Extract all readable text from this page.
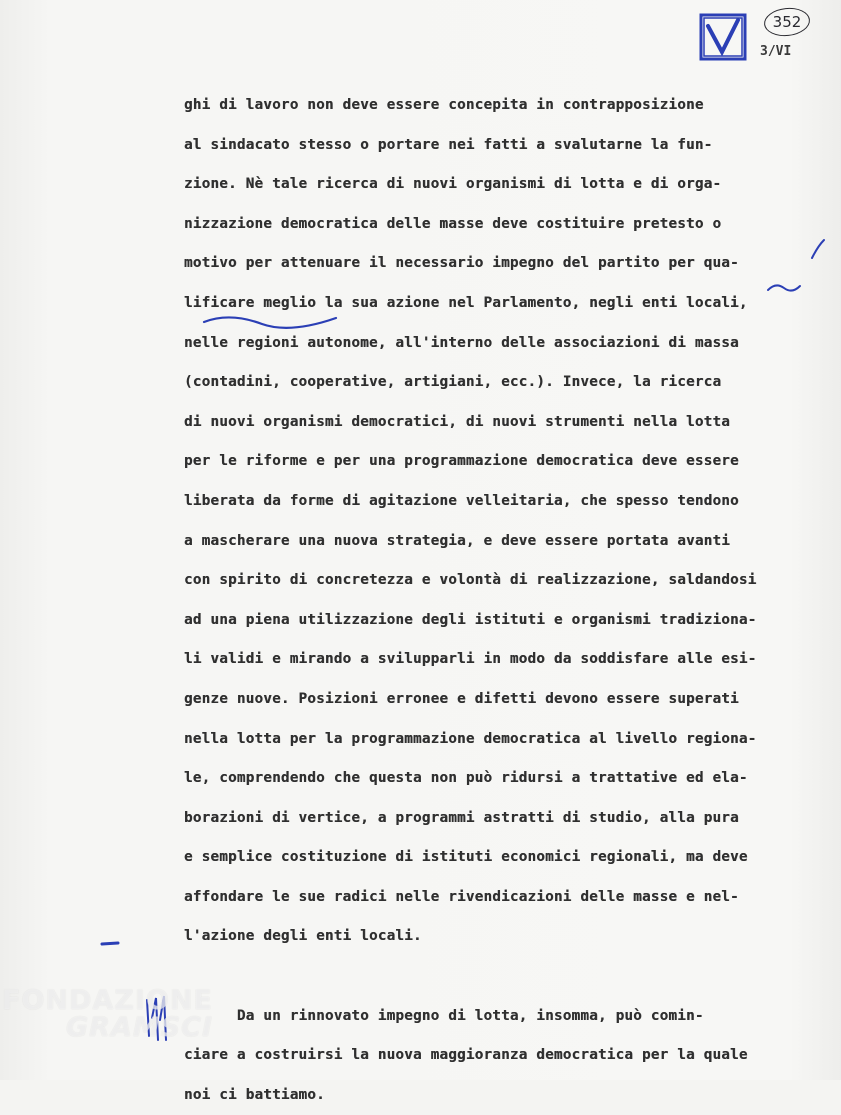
352
3/VI
ghi di lavoro non deve essere concepita in contrapposizione
al sindacato stesso o portare nei fatti a svalutarne la fun-
zione. Nè tale ricerca di nuovi organismi di lotta e di orga-
nizzazione democratica delle masse deve costituire pretesto o
motivo per attenuare il necessario impegno del partito per qua-
lificare meglio la sua azione nel Parlamento, negli enti locali,
nelle regioni autonome, all'interno delle associazioni di massa
(contadini, cooperative, artigiani, ecc.). Invece, la ricerca
di nuovi organismi democratici, di nuovi strumenti nella lotta
per le riforme e per una programmazione democratica deve essere
liberata da forme di agitazione velleitaria, che spesso tendono
a mascherare una nuova strategia, e deve essere portata avanti
con spirito di concretezza e volontà di realizzazione, saldandosi
ad una piena utilizzazione degli istituti e organismi tradiziona-
li validi e mirando a svilupparli in modo da soddisfare alle esi-
genze nuove. Posizioni erronee e difetti devono essere superati
nella lotta per la programmazione democratica al livello regiona-
le, comprendendo che questa non può ridursi a trattative ed ela-
borazioni di vertice, a programmi astratti di studio, alla pura
e semplice costituzione di istituti economici regionali, ma deve
affondare le sue radici nelle rivendicazioni delle masse e nel-
l'azione degli enti locali.
Da un rinnovato impegno di lotta, insomma, può comin-
ciare a costruirsi la nuova maggioranza democratica per la quale
noi ci battiamo.
FONDAZIONE
GRAMSCI
